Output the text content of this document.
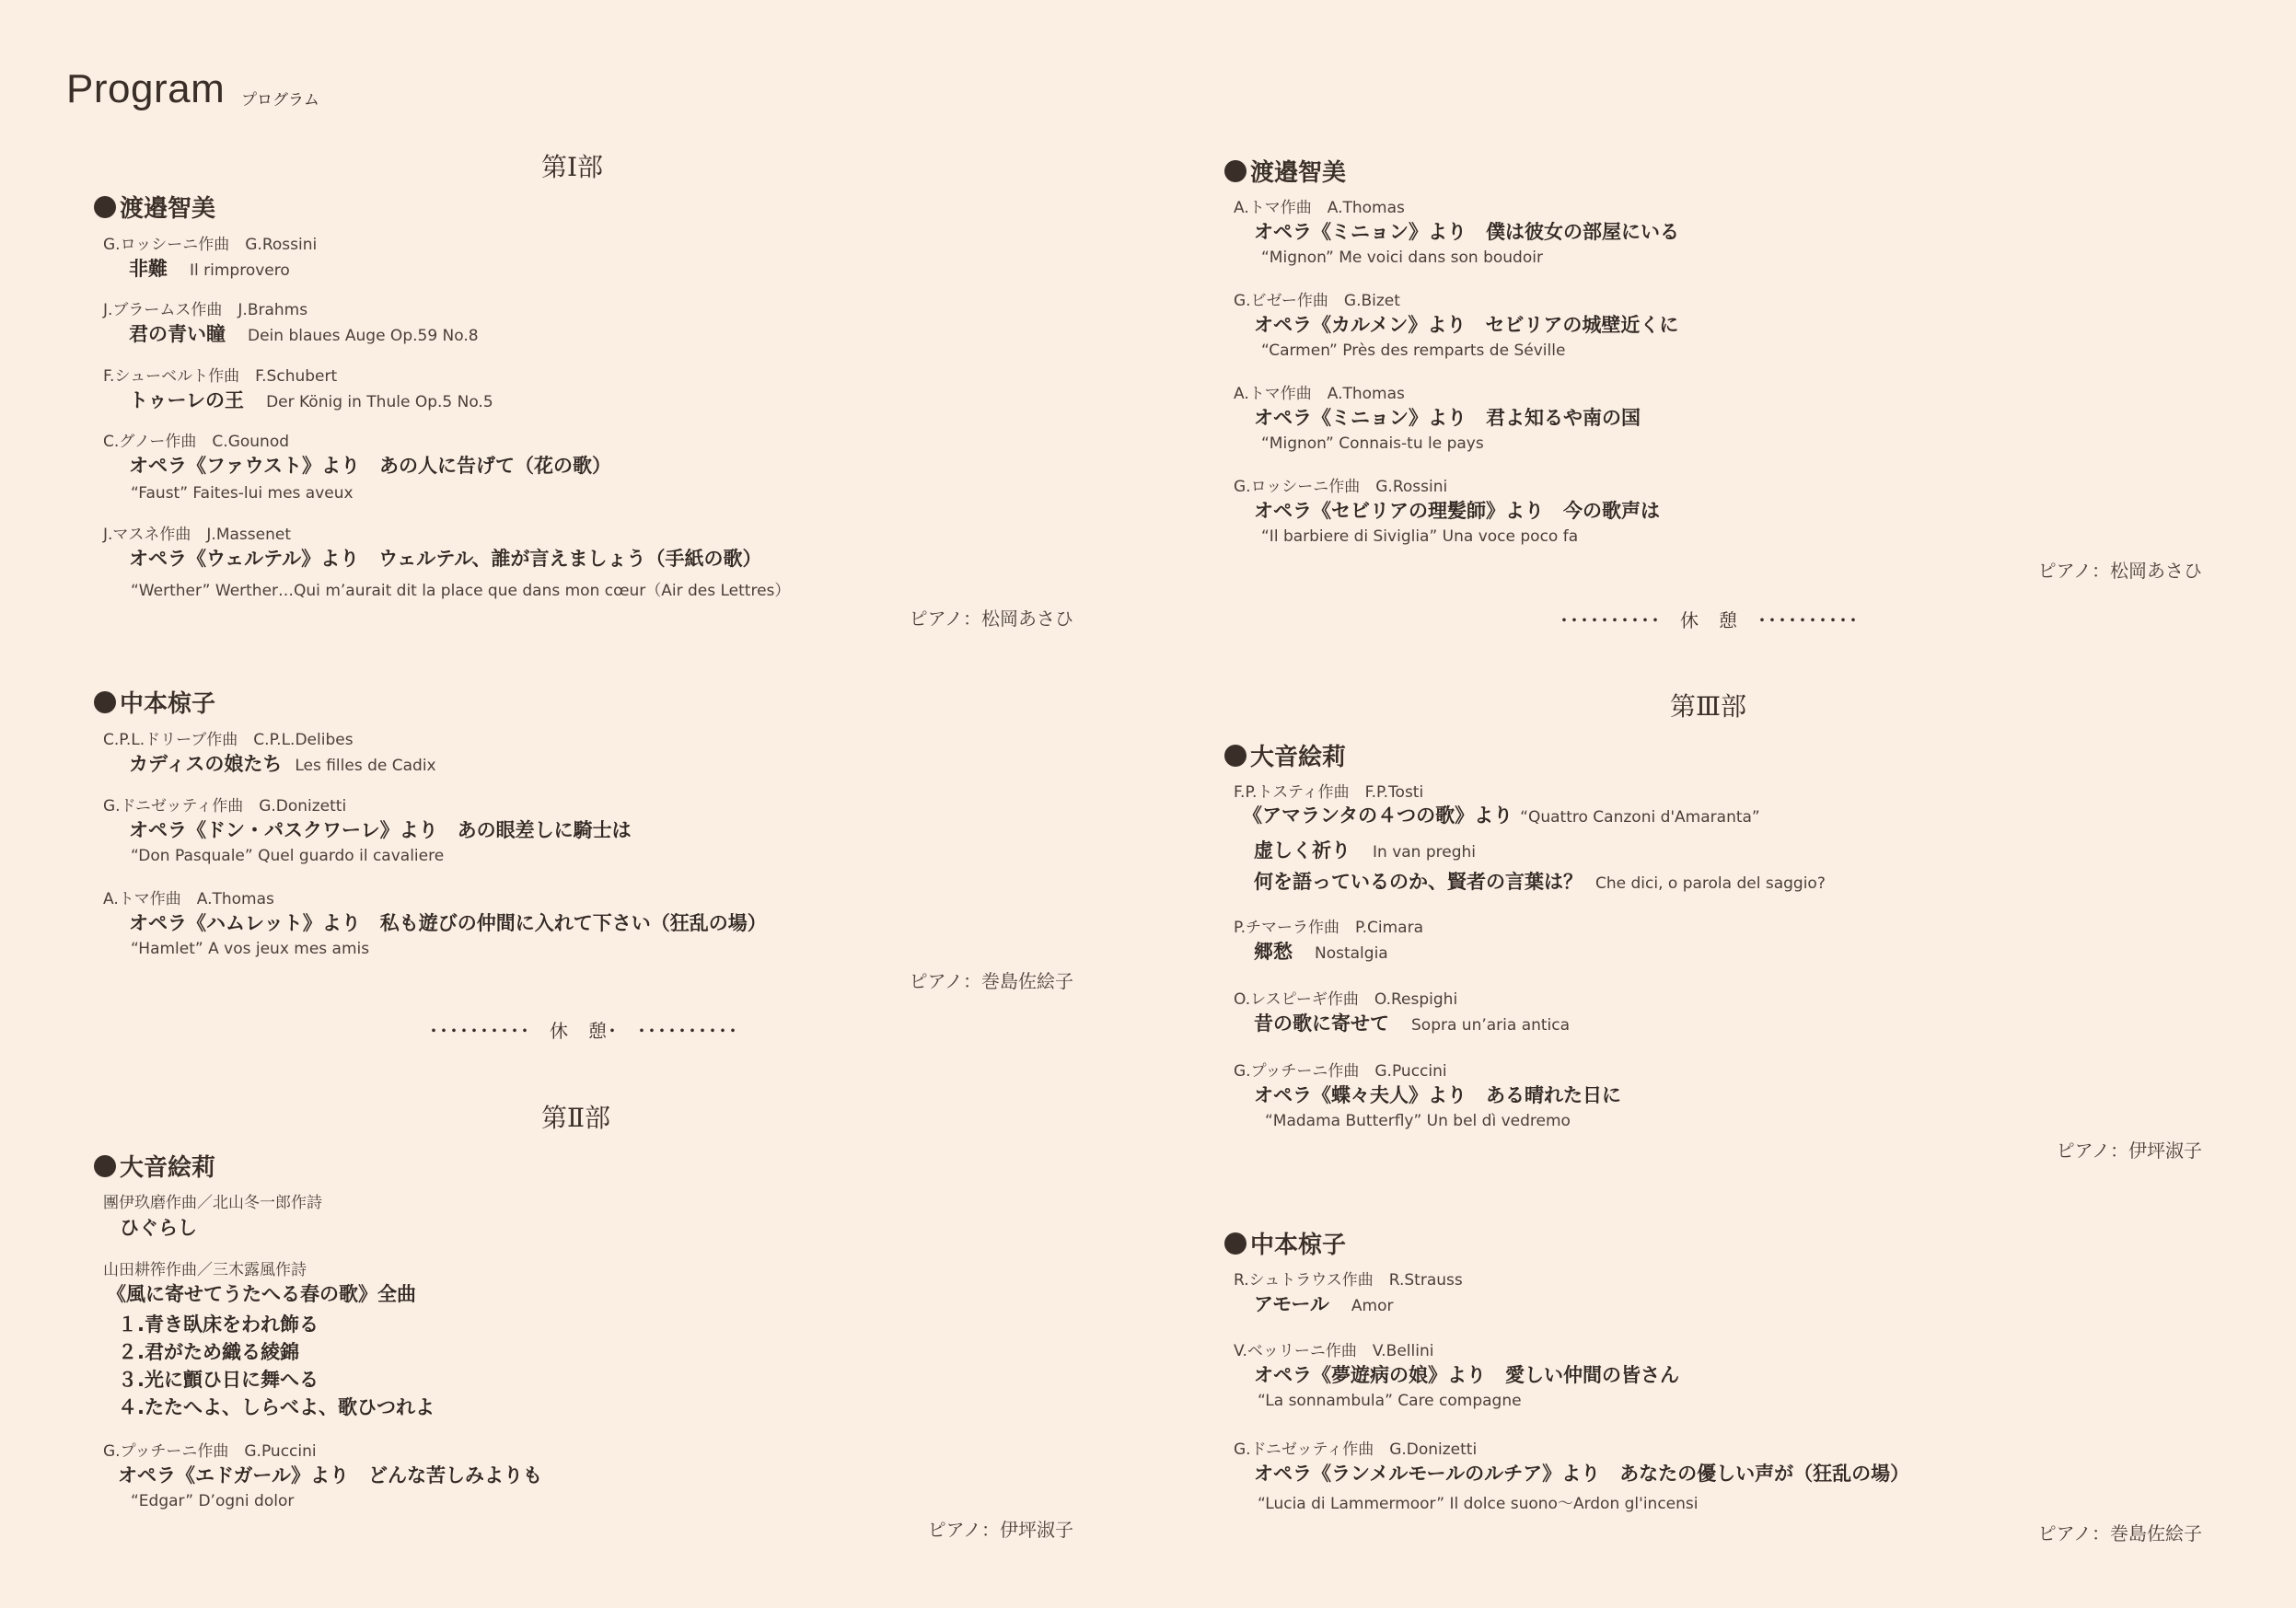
Program プログラム
第Ⅰ部
渡邉智美
G.ロッシーニ作曲　G.Rossini
非難 Il rimprovero
J.ブラームス作曲　J.Brahms
君の青い瞳 Dein blaues Auge Op.59 No.8
F.シューベルト作曲　F.Schubert
トゥーレの王 Der König in Thule Op.5 No.5
C.グノー作曲　C.Gounod
オペラ《ファウスト》より　あの人に告げて（花の歌）
“Faust” Faites-lui mes aveux
J.マスネ作曲　J.Massenet
オペラ《ウェルテル》より　ウェルテル、誰が言えましょう（手紙の歌）
“Werther” Werther…Qui m’aurait dit la place que dans mon cœur（Air des Lettres）
ピアノ：松岡あさひ
中本椋子
C.P.L.ドリーブ作曲　C.P.L.Delibes
カディスの娘たち Les filles de Cadix
G.ドニゼッティ作曲　G.Donizetti
オペラ《ドン・パスクワーレ》より　あの眼差しに騎士は
“Don Pasquale” Quel guardo il cavaliere
A.トマ作曲　A.Thomas
オペラ《ハムレット》より　私も遊びの仲間に入れて下さい（狂乱の場）
“Hamlet” A vos jeux mes amis
ピアノ：巻島佐絵子
･･････････　休　憩･　･･････････
第Ⅱ部
大音絵莉
團伊玖磨作曲／北山冬一郎作詩
ひぐらし
山田耕筰作曲／三木露風作詩
《風に寄せてうたへる春の歌》全曲
１.青き臥床をわれ飾る
２.君がため織る綾錦
３.光に顫ひ日に舞へる
４.たたへよ、しらべよ、歌ひつれよ
G.プッチーニ作曲　G.Puccini
オペラ《エドガール》より　どんな苦しみよりも
“Edgar” D’ogni dolor
ピアノ：伊坪淑子
渡邉智美
A.トマ作曲　A.Thomas
オペラ《ミニョン》より　僕は彼女の部屋にいる
“Mignon” Me voici dans son boudoir
G.ビゼー作曲　G.Bizet
オペラ《カルメン》より　セビリアの城壁近くに
“Carmen” Près des remparts de Séville
A.トマ作曲　A.Thomas
オペラ《ミニョン》より　君よ知るや南の国
“Mignon” Connais-tu le pays
G.ロッシーニ作曲　G.Rossini
オペラ《セビリアの理髪師》より　今の歌声は
“Il barbiere di Siviglia” Una voce poco fa
ピアノ：松岡あさひ
･･････････　休　憩　･･････････
第Ⅲ部
大音絵莉
F.P.トスティ作曲　F.P.Tosti
《アマランタの４つの歌》より “Quattro Canzoni d'Amaranta”
虚しく祈り In van preghi
何を語っているのか、賢者の言葉は？ Che dici, o parola del saggio?
P.チマーラ作曲　P.Cimara
郷愁 Nostalgia
O.レスピーギ作曲　O.Respighi
昔の歌に寄せて Sopra un’aria antica
G.プッチーニ作曲　G.Puccini
オペラ《蝶々夫人》より　ある晴れた日に
“Madama Butterfly” Un bel dì vedremo
ピアノ：伊坪淑子
中本椋子
R.シュトラウス作曲　R.Strauss
アモール Amor
V.ベッリーニ作曲　V.Bellini
オペラ《夢遊病の娘》より　愛しい仲間の皆さん
“La sonnambula” Care compagne
G.ドニゼッティ作曲　G.Donizetti
オペラ《ランメルモールのルチア》より　あなたの優しい声が（狂乱の場）
“Lucia di Lammermoor” Il dolce suono～Ardon gl'incensi
ピアノ：巻島佐絵子
